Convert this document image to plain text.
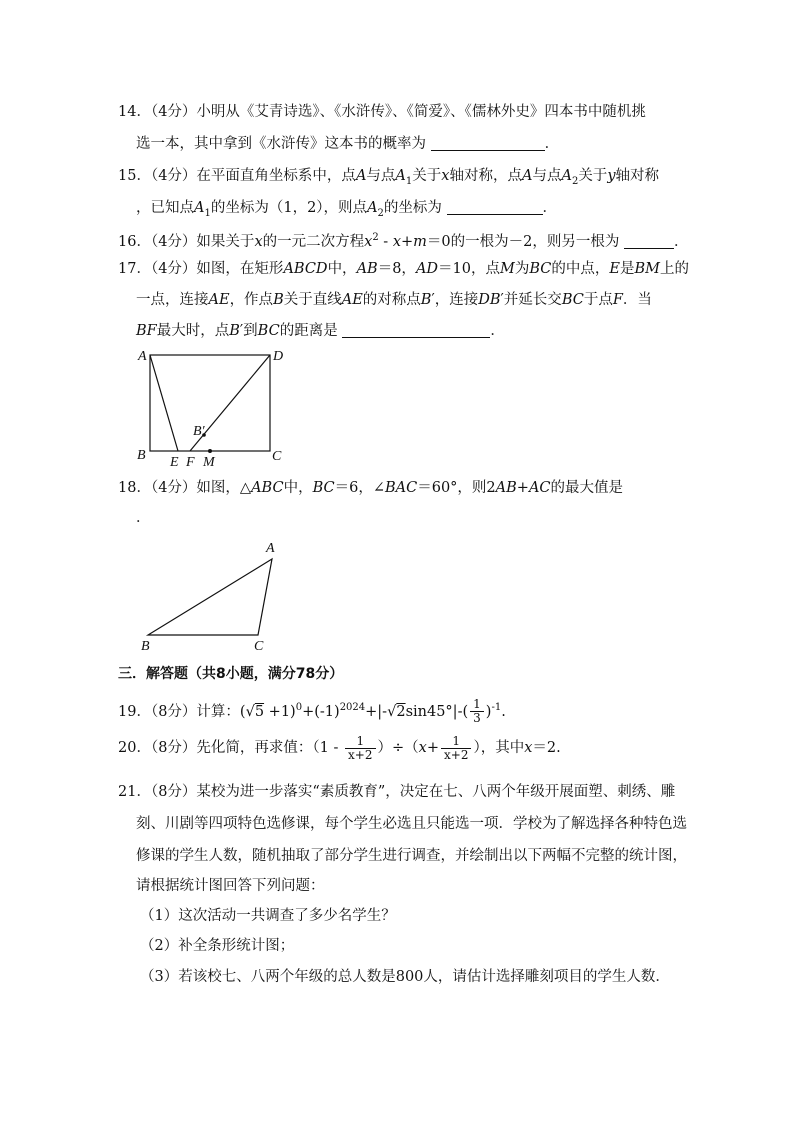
14．（4分）小明从《艾青诗选》、《水浒传》、《简爱》、《儒林外史》四本书中随机挑
选一本，其中拿到《水浒传》这本书的概率为	．
15．（4分）在平面直角坐标系中，点A与点$A_1$关于x轴对称，点A与点$A_2$关于y轴对称
，已知点$A_1$的坐标为（1，2），则点$A_2$的坐标为	．
16．（4分）如果关于x的一元二次方程$x^2 - x+m=0$的一根为－2，则另一根为	．
17．（4分）如图，在矩形ABCD中，AB＝8，AD＝10，点M为BC的中点，E是BM上的
一点，连接AE，作点B关于直线AE的对称点B′，连接DB′并延长交BC于点F．当
BF最大时，点B′到BC的距离是	．
A	D
B′
B E F M	C
18．（4分）如图，△ABC中，BC＝6，∠BAC＝60°，则2AB+AC的最大值是
．
A
B	C
三．解答题（共8小题，满分78分）
19．（8分）计算：$(√5 +1)^0+(-1)^{2024}+|-√2\sin 45^\circ|-( \frac{1}{3} )^{-1}$.
20．（8分）先化简，再求值：$(1 - \frac{1}{x+2} )\div(x+ \frac{1}{x+2}$ ），其中x＝2.
21．（8分）某校为进一步落实“素质教育”，决定在七、八两个年级开展面塑、刺绣、雕
刻、川剧等四项特色选修课，每个学生必选且只能选一项．学校为了解选择各种特色选
修课的学生人数，随机抽取了部分学生进行调查，并绘制出以下两幅不完整的统计图，
请根据统计图回答下列问题：
（1）这次活动一共调查了多少名学生？
（2）补全条形统计图；
（3）若该校七、八两个年级的总人数是800人，请估计选择雕刻项目的学生人数．
